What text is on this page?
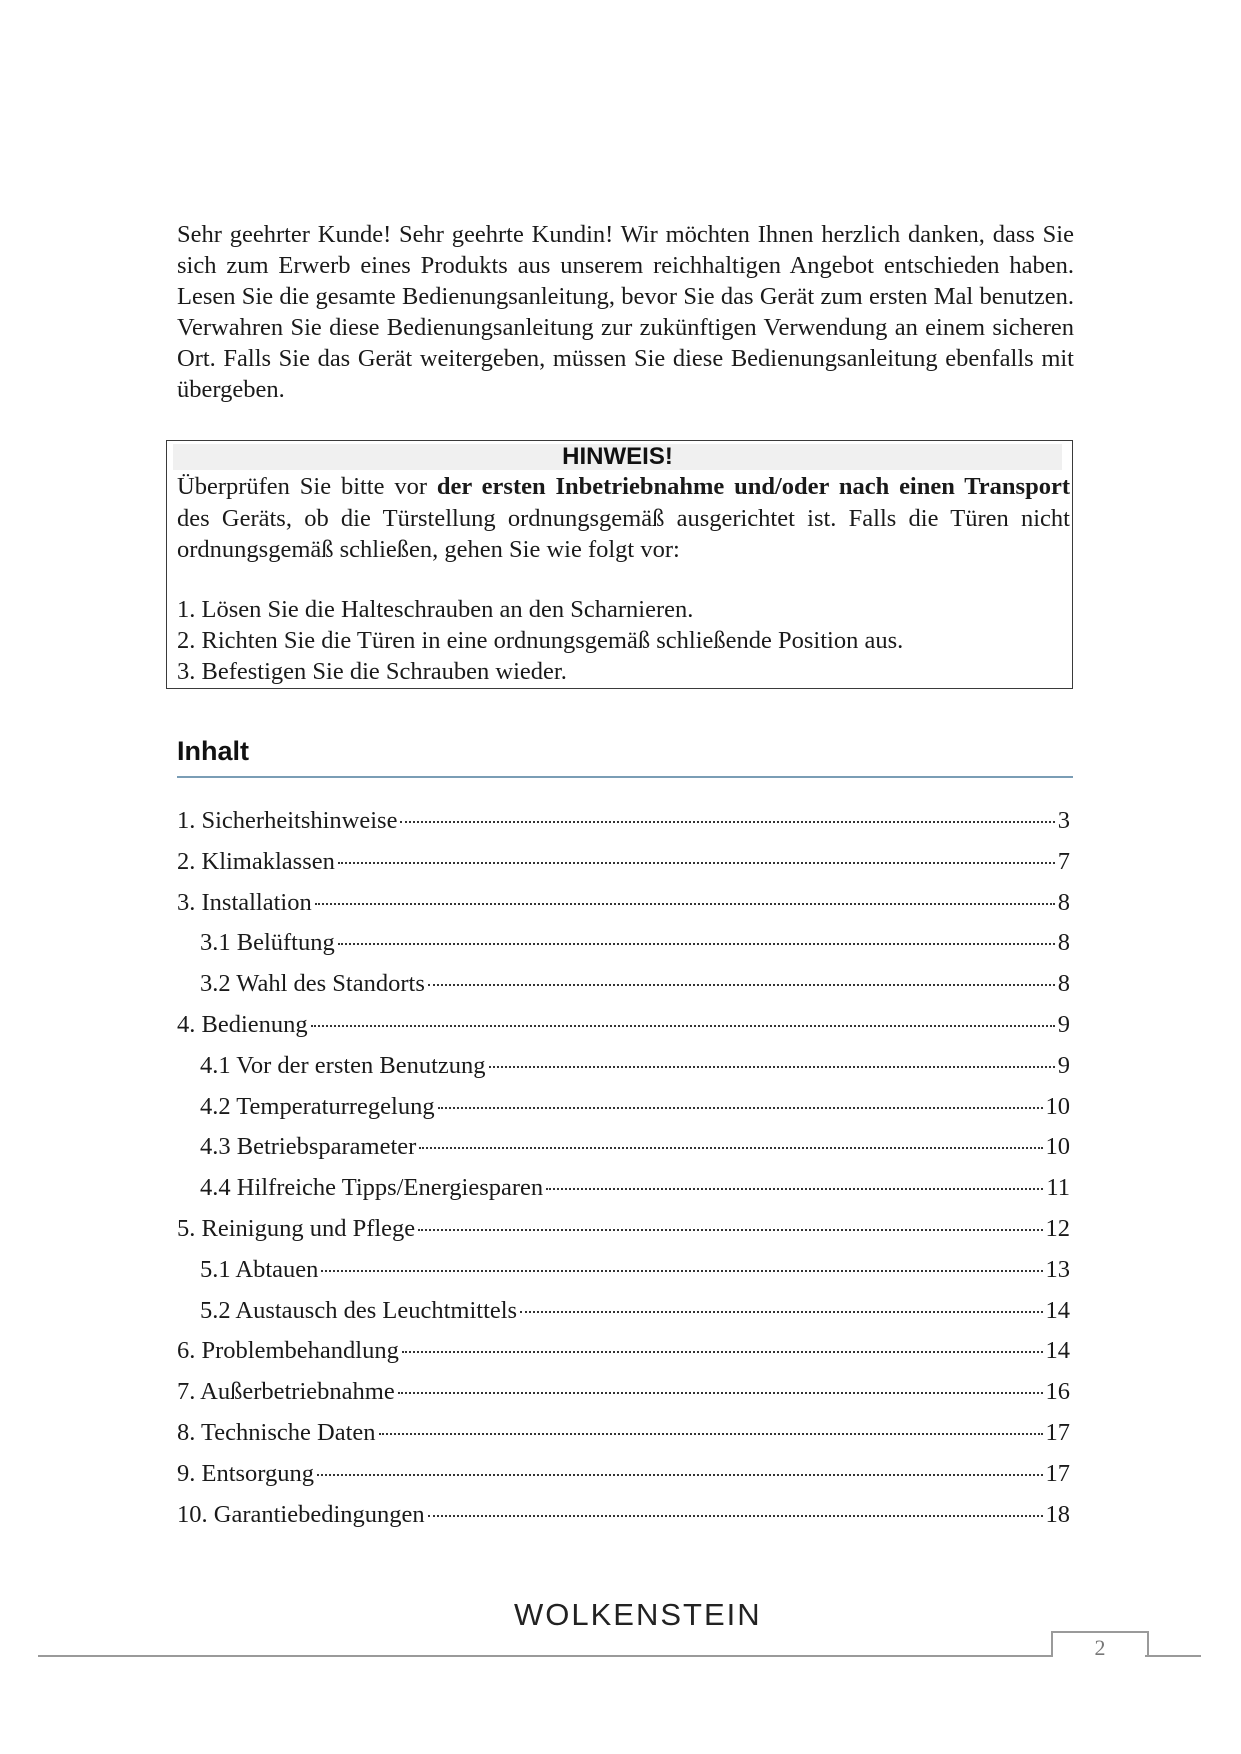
Sehr geehrter Kunde! Sehr geehrte Kundin! Wir möchten Ihnen herzlich danken, dass Sie sich zum Erwerb eines Produkts aus unserem reichhaltigen Angebot entschieden haben. Lesen Sie die gesamte Bedienungsanleitung, bevor Sie das Gerät zum ersten Mal benutzen. Verwahren Sie diese Bedienungsanleitung zur zukünftigen Verwendung an einem sicheren Ort. Falls Sie das Gerät weitergeben, müssen Sie diese Bedienungsanleitung ebenfalls mit übergeben.
HINWEIS!
Überprüfen Sie bitte vor der ersten Inbetriebnahme und/oder nach einen Transport des Geräts, ob die Türstellung ordnungsgemäß ausgerichtet ist. Falls die Türen nicht ordnungsgemäß schließen, gehen Sie wie folgt vor:
1. Lösen Sie die Halteschrauben an den Scharnieren.
2. Richten Sie die Türen in eine ordnungsgemäß schließende Position aus.
3. Befestigen Sie die Schrauben wieder.
Inhalt
1. Sicherheitshinweise	3
2. Klimaklassen	7
3. Installation	8
3.1 Belüftung	8
3.2 Wahl des Standorts	8
4. Bedienung	9
4.1 Vor der ersten Benutzung	9
4.2 Temperaturregelung	10
4.3 Betriebsparameter	10
4.4 Hilfreiche Tipps/Energiesparen	11
5. Reinigung und Pflege	12
5.1 Abtauen	13
5.2 Austausch des Leuchtmittels	14
6. Problembehandlung	14
7. Außerbetriebnahme	16
8. Technische Daten	17
9. Entsorgung	17
10. Garantiebedingungen	18
WOLKENSTEIN
2
